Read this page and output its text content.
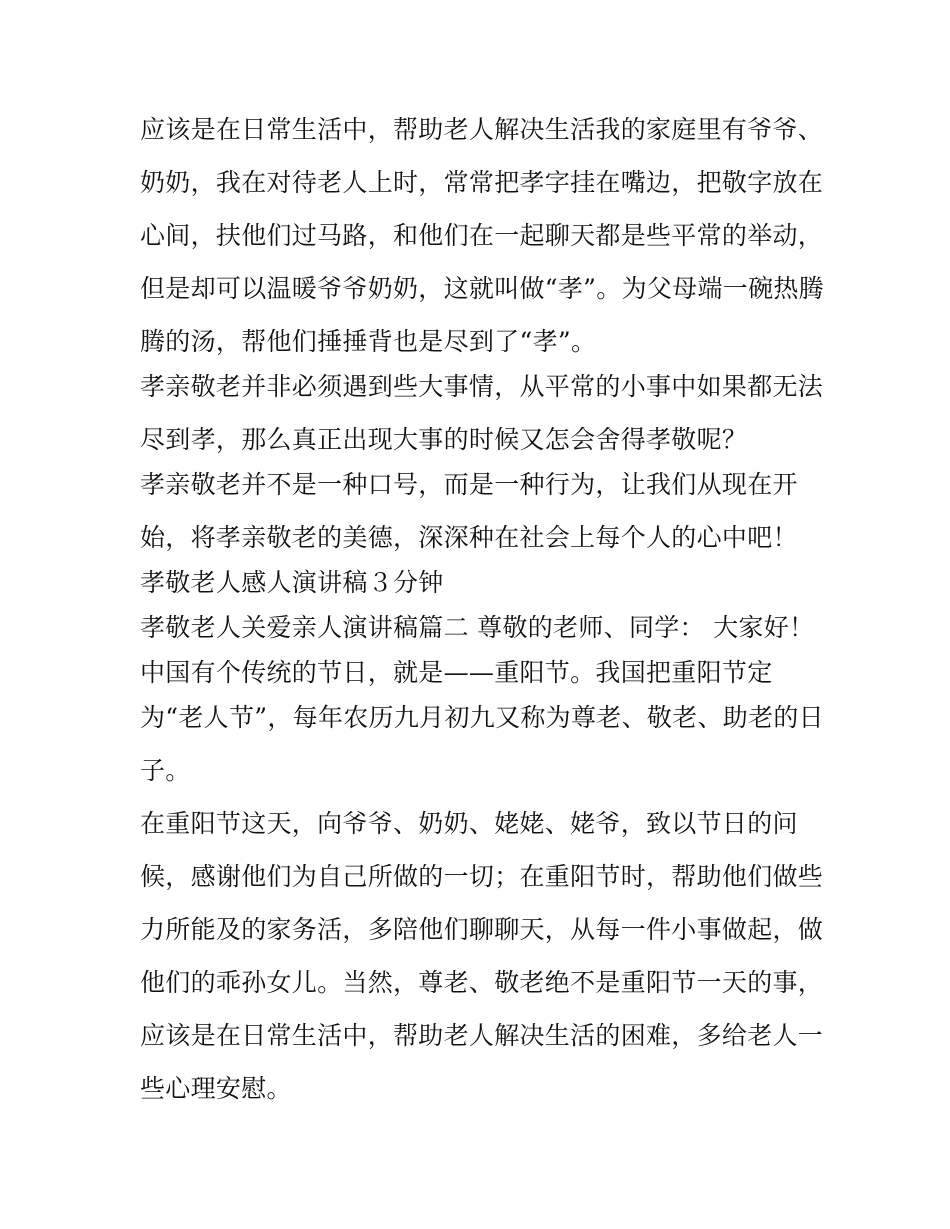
应该是在日常生活中，帮助老人解决生活我的家庭里有爷爷、

奶奶，我在对待老人上时，常常把孝字挂在嘴边，把敬字放在

心间，扶他们过马路，和他们在一起聊天都是些平常的举动，

但是却可以温暖爷爷奶奶，这就叫做“孝”。为父母端一碗热腾

腾的汤，帮他们捶捶背也是尽到了“孝”。

孝亲敬老并非必须遇到些大事情，从平常的小事中如果都无法

尽到孝，那么真正出现大事的时候又怎会舍得孝敬呢？

孝亲敬老并不是一种口号，而是一种行为，让我们从现在开

始，将孝亲敬老的美德，深深种在社会上每个人的心中吧！

孝敬老人感人演讲稿３分钟

孝敬老人关爱亲人演讲稿篇二 尊敬的老师、同学： 大家好！

中国有个传统的节日，就是——重阳节。我国把重阳节定

为“老人节”，每年农历九月初九又称为尊老、敬老、助老的日

子。

在重阳节这天，向爷爷、奶奶、姥姥、姥爷，致以节日的问

候，感谢他们为自己所做的一切；在重阳节时，帮助他们做些

力所能及的家务活，多陪他们聊聊天，从每一件小事做起，做

他们的乖孙女儿。当然，尊老、敬老绝不是重阳节一天的事，

应该是在日常生活中，帮助老人解决生活的困难，多给老人一

些心理安慰。
